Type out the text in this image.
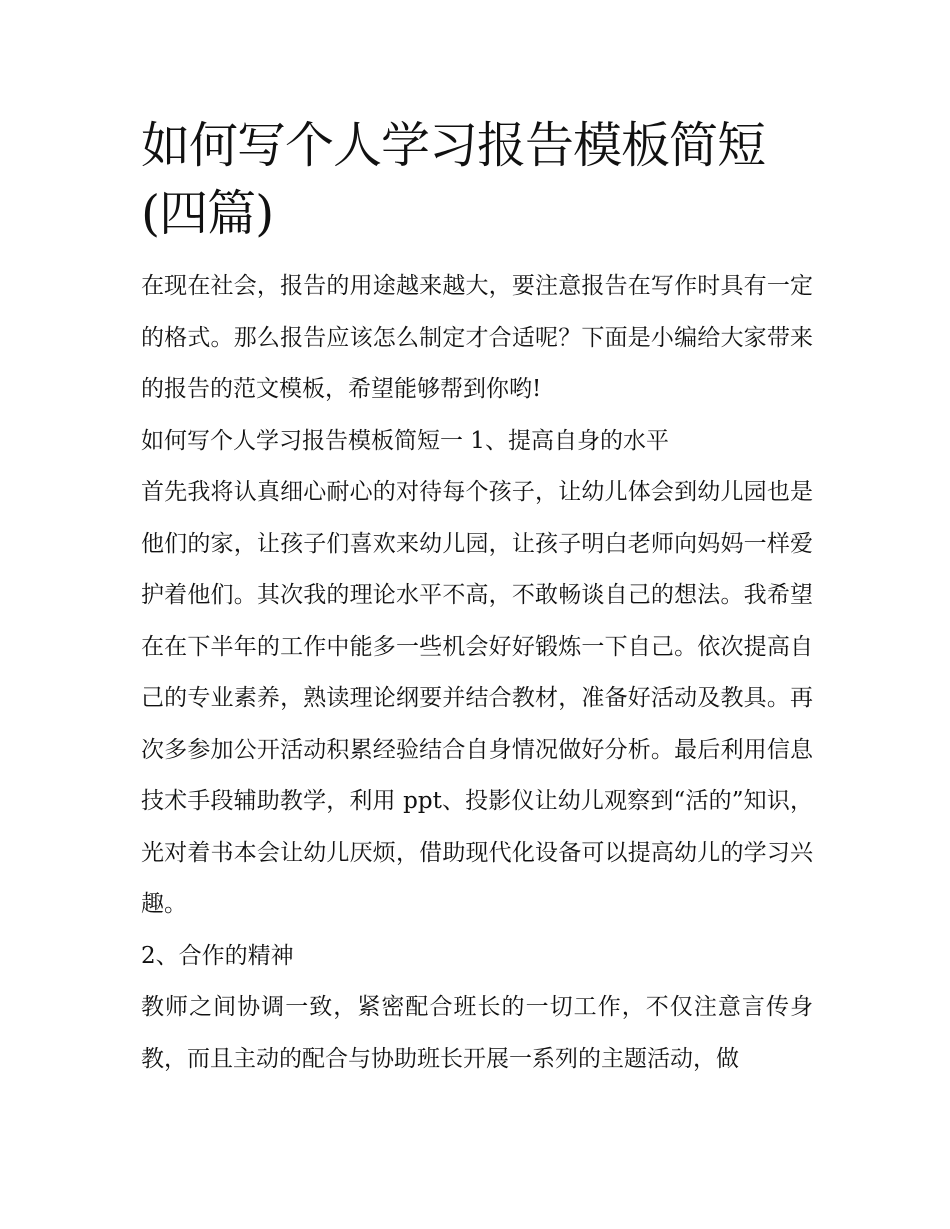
如何写个人学习报告模板简短(四篇)

在现在社会，报告的用途越来越大，要注意报告在写作时具有一定的格式。那么报告应该怎么制定才合适呢？下面是小编给大家带来的报告的范文模板，希望能够帮到你哟!

如何写个人学习报告模板简短一 1、提高自身的水平

首先我将认真细心耐心的对待每个孩子，让幼儿体会到幼儿园也是他们的家，让孩子们喜欢来幼儿园，让孩子明白老师向妈妈一样爱护着他们。其次我的理论水平不高，不敢畅谈自己的想法。我希望在在下半年的工作中能多一些机会好好锻炼一下自己。依次提高自己的专业素养，熟读理论纲要并结合教材，准备好活动及教具。再次多参加公开活动积累经验结合自身情况做好分析。最后利用信息技术手段辅助教学，利用 ppt、投影仪让幼儿观察到“活的”知识，光对着书本会让幼儿厌烦，借助现代化设备可以提高幼儿的学习兴趣。

2、合作的精神

教师之间协调一致，紧密配合班长的一切工作，不仅注意言传身教，而且主动的配合与协助班长开展一系列的主题活动，做
